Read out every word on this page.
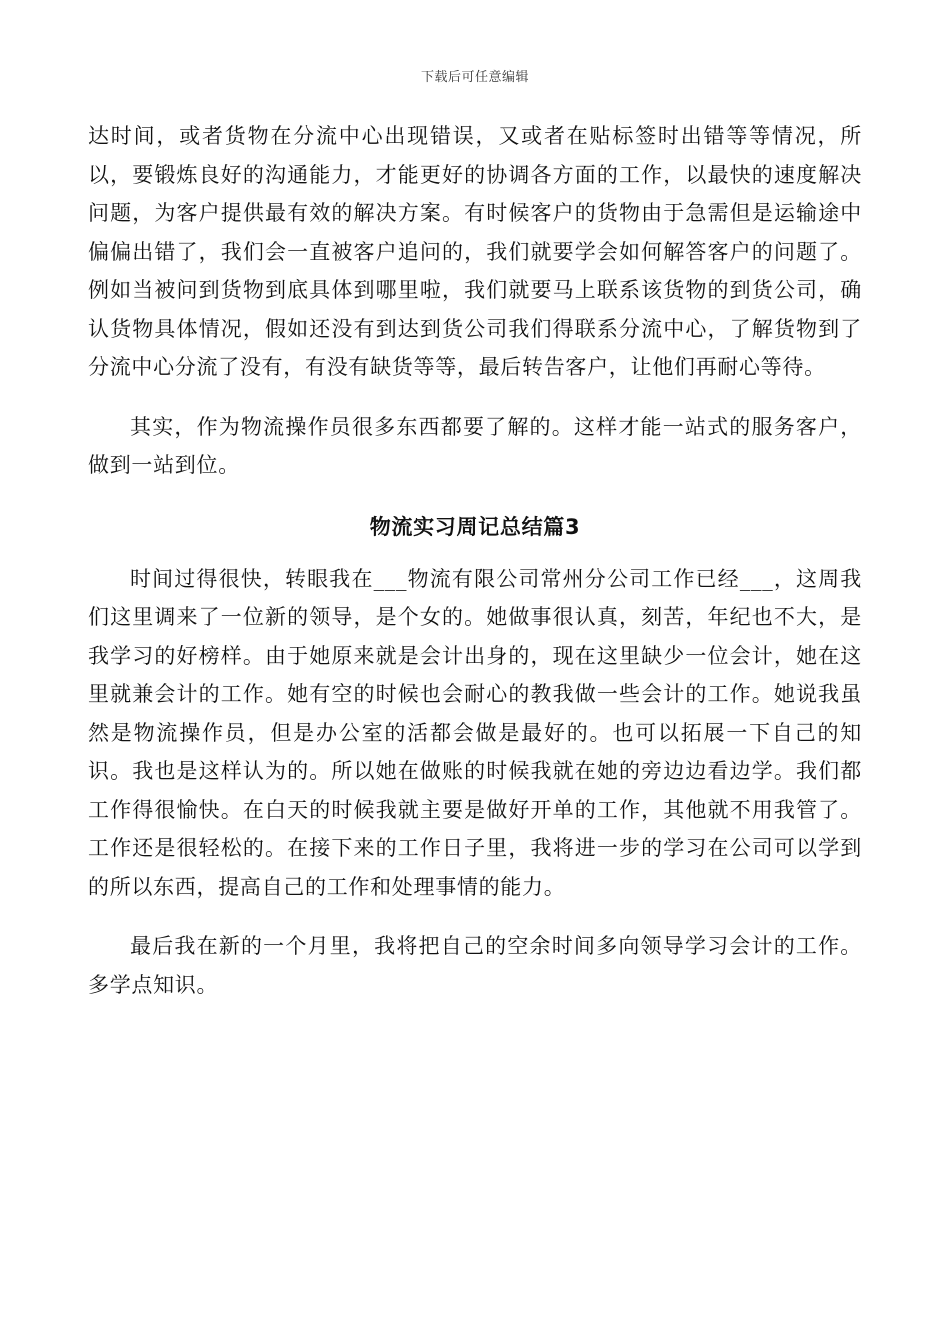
下载后可任意编辑

达时间，或者货物在分流中心出现错误，又或者在贴标签时出错等等情况，所以，要锻炼良好的沟通能力，才能更好的协调各方面的工作，以最快的速度解决问题，为客户提供最有效的解决方案。有时候客户的货物由于急需但是运输途中偏偏出错了，我们会一直被客户追问的，我们就要学会如何解答客户的问题了。例如当被问到货物到底具体到哪里啦，我们就要马上联系该货物的到货公司，确认货物具体情况，假如还没有到达到货公司我们得联系分流中心，了解货物到了分流中心分流了没有，有没有缺货等等，最后转告客户，让他们再耐心等待。

其实，作为物流操作员很多东西都要了解的。这样才能一站式的服务客户，做到一站到位。

物流实习周记总结篇3

时间过得很快，转眼我在___物流有限公司常州分公司工作已经___，这周我们这里调来了一位新的领导，是个女的。她做事很认真，刻苦，年纪也不大，是我学习的好榜样。由于她原来就是会计出身的，现在这里缺少一位会计，她在这里就兼会计的工作。她有空的时候也会耐心的教我做一些会计的工作。她说我虽然是物流操作员，但是办公室的活都会做是最好的。也可以拓展一下自己的知识。我也是这样认为的。所以她在做账的时候我就在她的旁边边看边学。我们都工作得很愉快。在白天的时候我就主要是做好开单的工作，其他就不用我管了。工作还是很轻松的。在接下来的工作日子里，我将进一步的学习在公司可以学到的所以东西，提高自己的工作和处理事情的能力。

最后我在新的一个月里，我将把自己的空余时间多向领导学习会计的工作。多学点知识。
